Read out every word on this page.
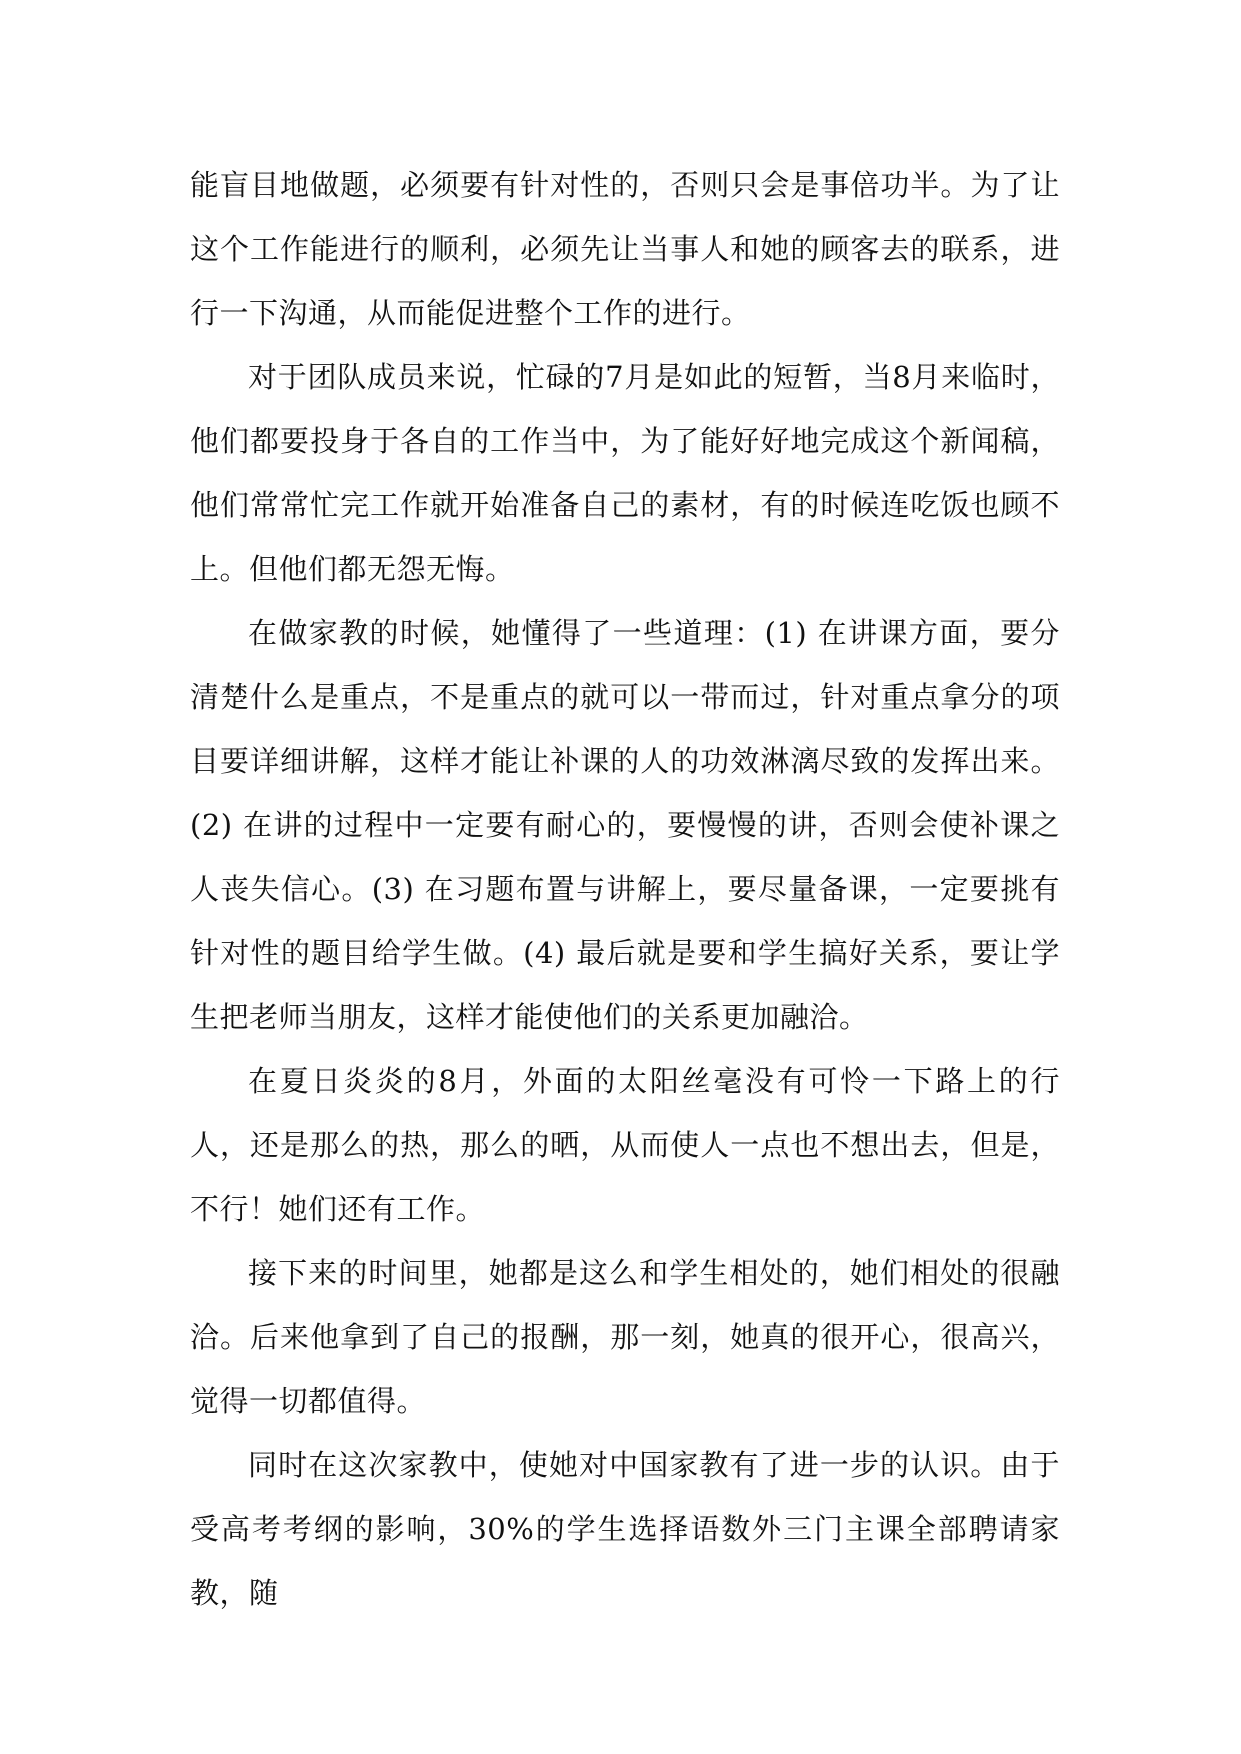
能盲目地做题，必须要有针对性的，否则只会是事倍功半。为了让这个工作能进行的顺利，必须先让当事人和她的顾客去的联系，进行一下沟通，从而能促进整个工作的进行。

对于团队成员来说，忙碌的7月是如此的短暂，当8月来临时，他们都要投身于各自的工作当中，为了能好好地完成这个新闻稿，他们常常忙完工作就开始准备自己的素材，有的时候连吃饭也顾不上。但他们都无怨无悔。

在做家教的时候，她懂得了一些道理：(1) 在讲课方面，要分清楚什么是重点，不是重点的就可以一带而过，针对重点拿分的项目要详细讲解，这样才能让补课的人的功效淋漓尽致的发挥出来。(2) 在讲的过程中一定要有耐心的，要慢慢的讲，否则会使补课之人丧失信心。(3) 在习题布置与讲解上，要尽量备课，一定要挑有针对性的题目给学生做。(4) 最后就是要和学生搞好关系，要让学生把老师当朋友，这样才能使他们的关系更加融洽。

在夏日炎炎的8月，外面的太阳丝毫没有可怜一下路上的行人，还是那么的热，那么的晒，从而使人一点也不想出去，但是，不行！她们还有工作。

接下来的时间里，她都是这么和学生相处的，她们相处的很融洽。后来他拿到了自己的报酬，那一刻，她真的很开心，很高兴，觉得一切都值得。

同时在这次家教中，使她对中国家教有了进一步的认识。由于受高考考纲的影响，30%的学生选择语数外三门主课全部聘请家教，随
